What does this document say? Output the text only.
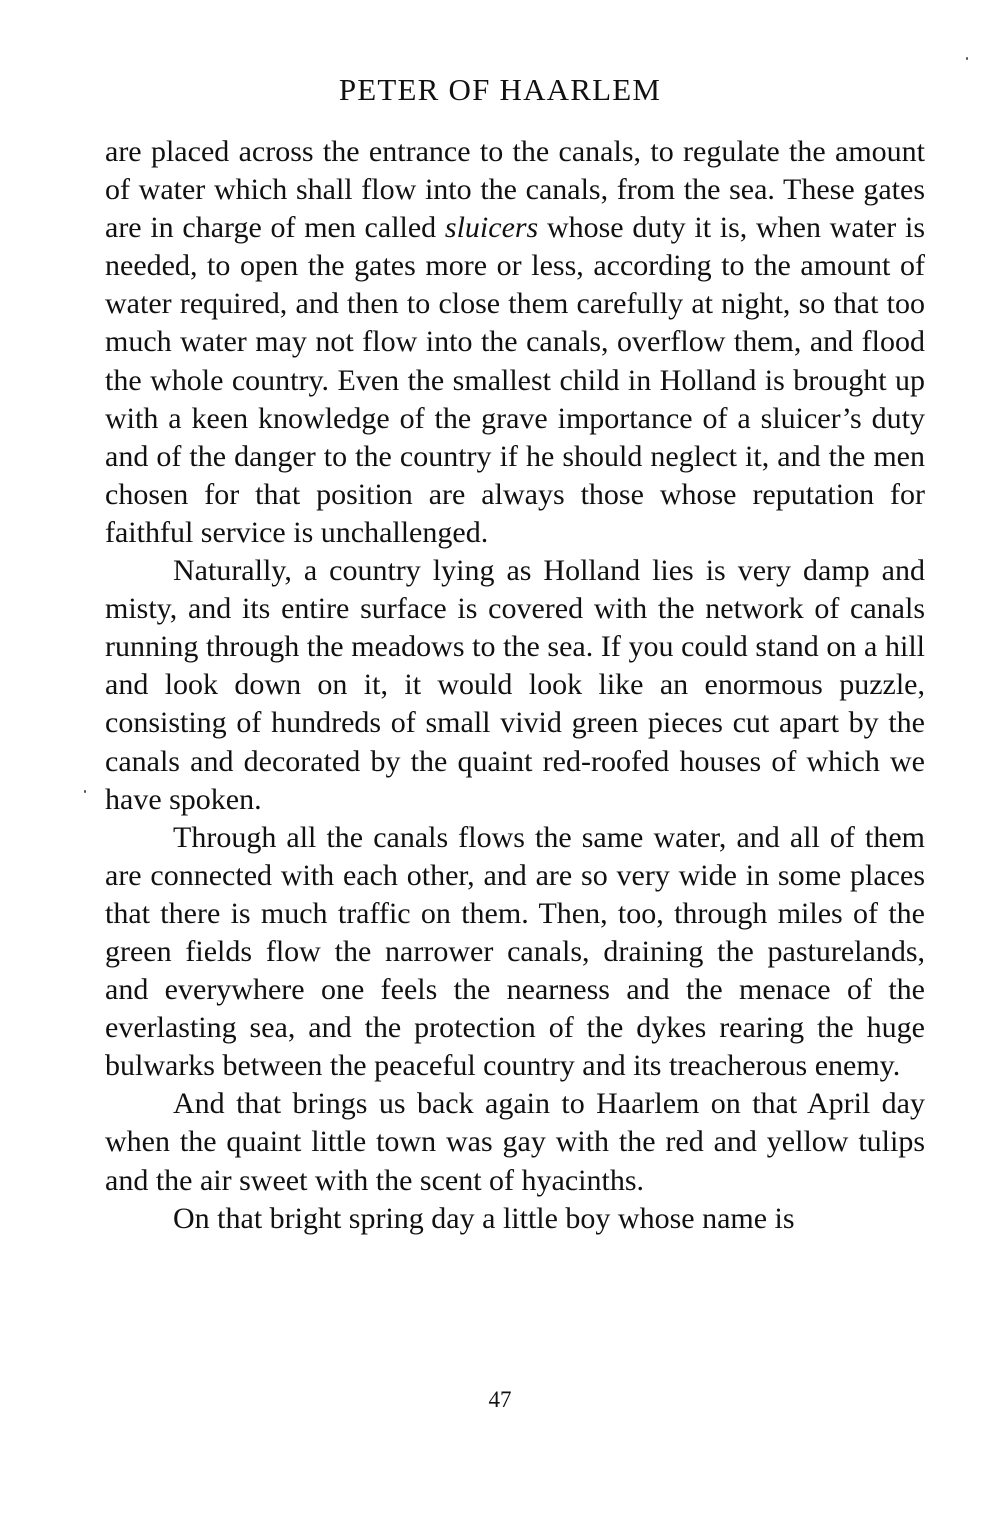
PETER OF HAARLEM

are placed across the entrance to the canals, to regulate the amount of water which shall flow into the canals, from the sea. These gates are in charge of men called sluicers whose duty it is, when water is needed, to open the gates more or less, according to the amount of water required, and then to close them carefully at night, so that too much water may not flow into the canals, overflow them, and flood the whole country. Even the smallest child in Holland is brought up with a keen knowledge of the grave importance of a sluicer’s duty and of the danger to the country if he should neglect it, and the men chosen for that position are always those whose reputation for faithful service is unchallenged.

Naturally, a country lying as Holland lies is very damp and misty, and its entire surface is covered with the network of canals running through the meadows to the sea. If you could stand on a hill and look down on it, it would look like an enormous puzzle, consisting of hundreds of small vivid green pieces cut apart by the canals and decorated by the quaint red-roofed houses of which we have spoken.

Through all the canals flows the same water, and all of them are connected with each other, and are so very wide in some places that there is much traffic on them. Then, too, through miles of the green fields flow the narrower canals, draining the pasturelands, and everywhere one feels the nearness and the menace of the everlasting sea, and the protection of the dykes rearing the huge bulwarks between the peaceful country and its treacherous enemy.

And that brings us back again to Haarlem on that April day when the quaint little town was gay with the red and yellow tulips and the air sweet with the scent of hyacinths.

On that bright spring day a little boy whose name is

47
